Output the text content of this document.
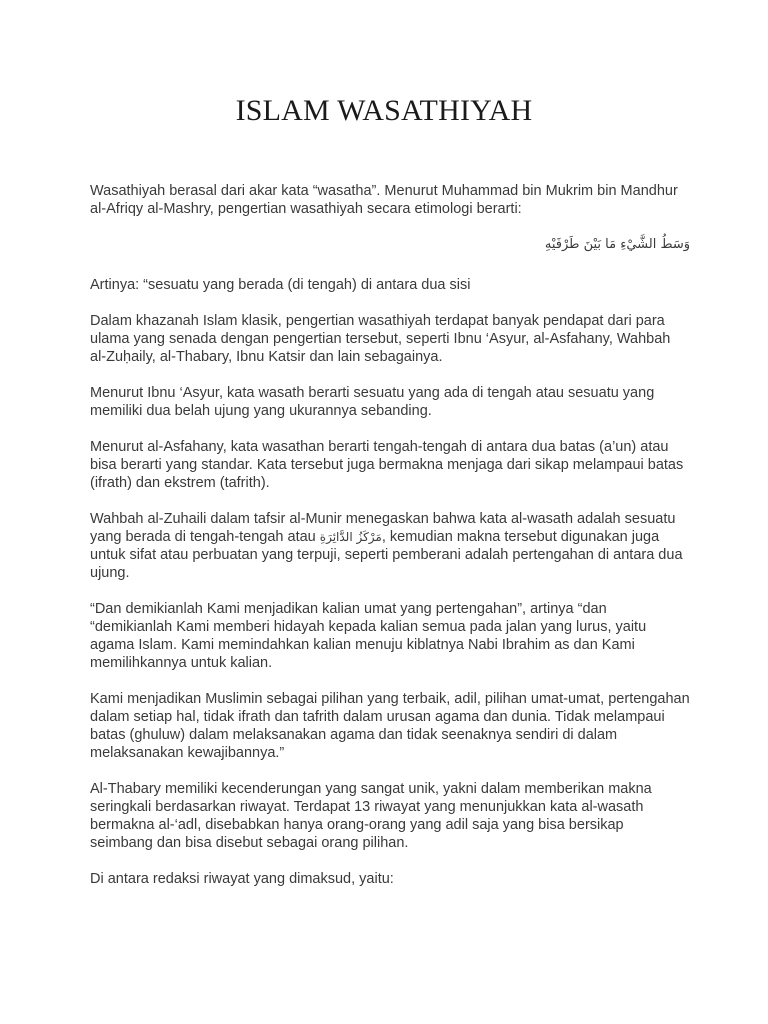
ISLAM WASATHIYAH

Wasathiyah berasal dari akar kata “wasatha”. Menurut Muhammad bin Mukrim bin Mandhur al-Afriqy al-Mashry, pengertian wasathiyah secara etimologi berarti:

وَسَطُ الشَّيْءِ مَا بَيْنَ طَرْفَيْهِ

Artinya: “sesuatu yang berada (di tengah) di antara dua sisi

Dalam khazanah Islam klasik, pengertian wasathiyah terdapat banyak pendapat dari para ulama yang senada dengan pengertian tersebut, seperti Ibnu ‘Asyur, al-Asfahany, Wahbah al-Zuḥaily, al-Thabary, Ibnu Katsir dan lain sebagainya.

Menurut Ibnu ‘Asyur, kata wasath berarti sesuatu yang ada di tengah atau sesuatu yang memiliki dua belah ujung yang ukurannya sebanding.

Menurut al-Asfahany, kata wasathan berarti tengah-tengah di antara dua batas (a’un) atau bisa berarti yang standar. Kata tersebut juga bermakna menjaga dari sikap melampaui batas (ifrath) dan ekstrem (tafrith).

Wahbah al-Zuhaili dalam tafsir al-Munir menegaskan bahwa kata al-wasath adalah sesuatu yang berada di tengah-tengah atau مَرْكَزُ الدَّائِرَةِ, kemudian makna tersebut digunakan juga untuk sifat atau perbuatan yang terpuji, seperti pemberani adalah pertengahan di antara dua ujung.

“Dan demikianlah Kami menjadikan kalian umat yang pertengahan”, artinya “dan “demikianlah Kami memberi hidayah kepada kalian semua pada jalan yang lurus, yaitu agama Islam. Kami memindahkan kalian menuju kiblatnya Nabi Ibrahim as dan Kami memilihkannya untuk kalian.

Kami menjadikan Muslimin sebagai pilihan yang terbaik, adil, pilihan umat-umat, pertengahan dalam setiap hal, tidak ifrath dan tafrith dalam urusan agama dan dunia. Tidak melampaui batas (ghuluw) dalam melaksanakan agama dan tidak seenaknya sendiri di dalam melaksanakan kewajibannya.”

Al-Thabary memiliki kecenderungan yang sangat unik, yakni dalam memberikan makna seringkali berdasarkan riwayat. Terdapat 13 riwayat yang menunjukkan kata al-wasath bermakna al-‘adl, disebabkan hanya orang-orang yang adil saja yang bisa bersikap seimbang dan bisa disebut sebagai orang pilihan.

Di antara redaksi riwayat yang dimaksud, yaitu:
